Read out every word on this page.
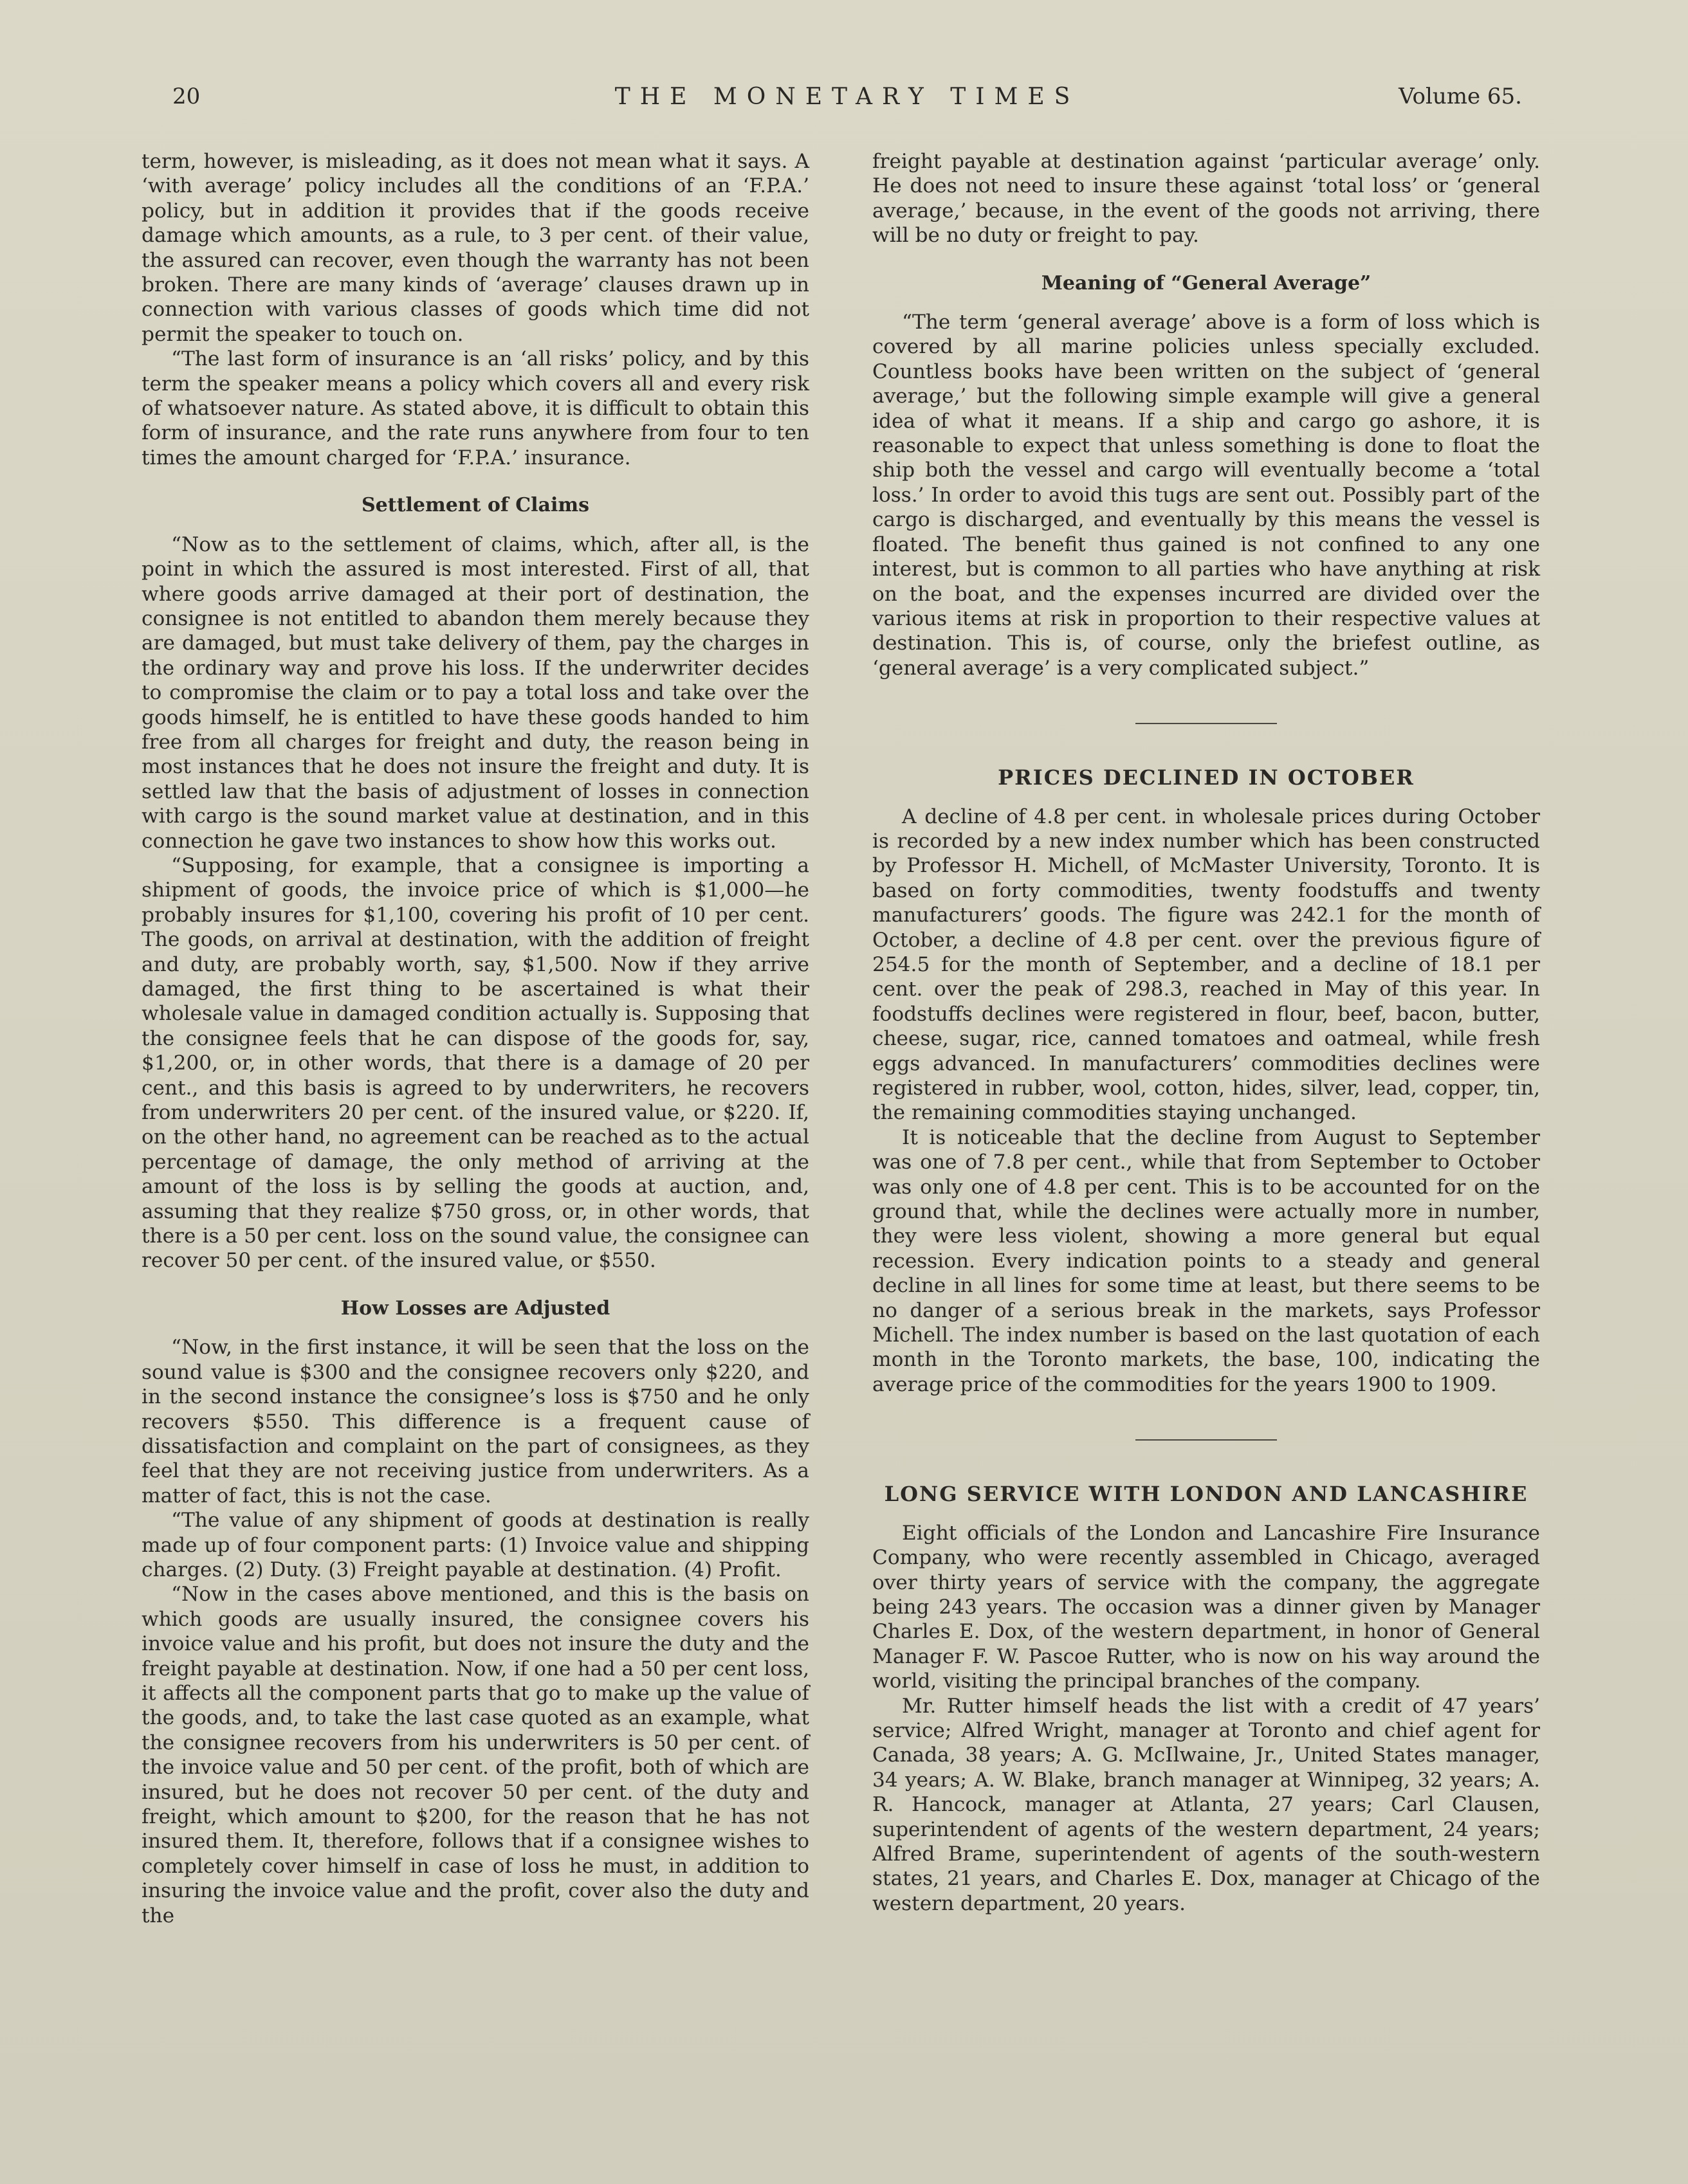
20	THE MONETARY TIMES	Volume 65.

term, however, is misleading, as it does not mean what it says. A ‘with average’ policy includes all the conditions of an ‘F.P.A.’ policy, but in addition it provides that if the goods receive damage which amounts, as a rule, to 3 per cent. of their value, the assured can recover, even though the warranty has not been broken. There are many kinds of ‘average’ clauses drawn up in connection with various classes of goods which time did not permit the speaker to touch on.

“The last form of insurance is an ‘all risks’ policy, and by this term the speaker means a policy which covers all and every risk of whatsoever nature. As stated above, it is difficult to obtain this form of insurance, and the rate runs anywhere from four to ten times the amount charged for ‘F.P.A.’ insurance.

Settlement of Claims

“Now as to the settlement of claims, which, after all, is the point in which the assured is most interested. First of all, that where goods arrive damaged at their port of destination, the consignee is not entitled to abandon them merely because they are damaged, but must take delivery of them, pay the charges in the ordinary way and prove his loss. If the underwriter decides to compromise the claim or to pay a total loss and take over the goods himself, he is entitled to have these goods handed to him free from all charges for freight and duty, the reason being in most instances that he does not insure the freight and duty. It is settled law that the basis of adjustment of losses in connection with cargo is the sound market value at destination, and in this connection he gave two instances to show how this works out.

“Supposing, for example, that a consignee is importing a shipment of goods, the invoice price of which is $1,000—he probably insures for $1,100, covering his profit of 10 per cent. The goods, on arrival at destination, with the addition of freight and duty, are probably worth, say, $1,500. Now if they arrive damaged, the first thing to be ascertained is what their wholesale value in damaged condition actually is. Supposing that the consignee feels that he can dispose of the goods for, say, $1,200, or, in other words, that there is a damage of 20 per cent., and this basis is agreed to by underwriters, he recovers from underwriters 20 per cent. of the insured value, or $220. If, on the other hand, no agreement can be reached as to the actual percentage of damage, the only method of arriving at the amount of the loss is by selling the goods at auction, and, assuming that they realize $750 gross, or, in other words, that there is a 50 per cent. loss on the sound value, the consignee can recover 50 per cent. of the insured value, or $550.

How Losses are Adjusted

“Now, in the first instance, it will be seen that the loss on the sound value is $300 and the consignee recovers only $220, and in the second instance the consignee’s loss is $750 and he only recovers $550. This difference is a frequent cause of dissatisfaction and complaint on the part of consignees, as they feel that they are not receiving justice from underwriters. As a matter of fact, this is not the case.

“The value of any shipment of goods at destination is really made up of four component parts: (1) Invoice value and shipping charges. (2) Duty. (3) Freight payable at destination. (4) Profit.

“Now in the cases above mentioned, and this is the basis on which goods are usually insured, the consignee covers his invoice value and his profit, but does not insure the duty and the freight payable at destination. Now, if one had a 50 per cent loss, it affects all the component parts that go to make up the value of the goods, and, to take the last case quoted as an example, what the consignee recovers from his underwriters is 50 per cent. of the invoice value and 50 per cent. of the profit, both of which are insured, but he does not recover 50 per cent. of the duty and freight, which amount to $200, for the reason that he has not insured them. It, therefore, follows that if a consignee wishes to completely cover himself in case of loss he must, in addition to insuring the invoice value and the profit, cover also the duty and the

freight payable at destination against ‘particular average’ only. He does not need to insure these against ‘total loss’ or ‘general average,’ because, in the event of the goods not arriving, there will be no duty or freight to pay.

Meaning of “General Average”

“The term ‘general average’ above is a form of loss which is covered by all marine policies unless specially excluded. Countless books have been written on the subject of ‘general average,’ but the following simple example will give a general idea of what it means. If a ship and cargo go ashore, it is reasonable to expect that unless something is done to float the ship both the vessel and cargo will eventually become a ‘total loss.’ In order to avoid this tugs are sent out. Possibly part of the cargo is discharged, and eventually by this means the vessel is floated. The benefit thus gained is not confined to any one interest, but is common to all parties who have anything at risk on the boat, and the expenses incurred are divided over the various items at risk in proportion to their respective values at destination. This is, of course, only the briefest outline, as ‘general average’ is a very complicated subject.”

PRICES DECLINED IN OCTOBER

A decline of 4.8 per cent. in wholesale prices during October is recorded by a new index number which has been constructed by Professor H. Michell, of McMaster University, Toronto. It is based on forty commodities, twenty foodstuffs and twenty manufacturers’ goods. The figure was 242.1 for the month of October, a decline of 4.8 per cent. over the previous figure of 254.5 for the month of September, and a decline of 18.1 per cent. over the peak of 298.3, reached in May of this year. In foodstuffs declines were registered in flour, beef, bacon, butter, cheese, sugar, rice, canned tomatoes and oatmeal, while fresh eggs advanced. In manufacturers’ commodities declines were registered in rubber, wool, cotton, hides, silver, lead, copper, tin, the remaining commodities staying unchanged.

It is noticeable that the decline from August to September was one of 7.8 per cent., while that from September to October was only one of 4.8 per cent. This is to be accounted for on the ground that, while the declines were actually more in number, they were less violent, showing a more general but equal recession. Every indication points to a steady and general decline in all lines for some time at least, but there seems to be no danger of a serious break in the markets, says Professor Michell. The index number is based on the last quotation of each month in the Toronto markets, the base, 100, indicating the average price of the commodities for the years 1900 to 1909.

LONG SERVICE WITH LONDON AND LANCASHIRE

Eight officials of the London and Lancashire Fire Insurance Company, who were recently assembled in Chicago, averaged over thirty years of service with the company, the aggregate being 243 years. The occasion was a dinner given by Manager Charles E. Dox, of the western department, in honor of General Manager F. W. Pascoe Rutter, who is now on his way around the world, visiting the principal branches of the company.

Mr. Rutter himself heads the list with a credit of 47 years’ service; Alfred Wright, manager at Toronto and chief agent for Canada, 38 years; A. G. McIlwaine, Jr., United States manager, 34 years; A. W. Blake, branch manager at Winnipeg, 32 years; A. R. Hancock, manager at Atlanta, 27 years; Carl Clausen, superintendent of agents of the western department, 24 years; Alfred Brame, superintendent of agents of the south-western states, 21 years, and Charles E. Dox, manager at Chicago of the western department, 20 years.
